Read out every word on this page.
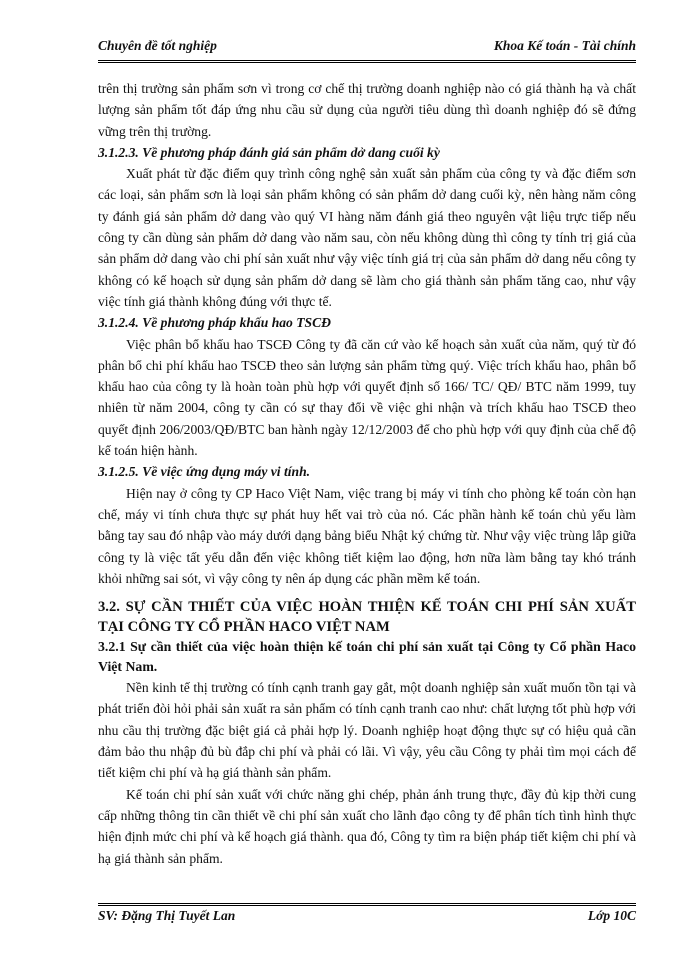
Chuyên đề tốt nghiệp	Khoa Kế toán - Tài chính

trên thị trường sản phẩm sơn vì trong cơ chế thị trường doanh nghiệp nào có giá thành hạ và chất lượng sản phẩm tốt đáp ứng nhu cầu sử dụng của người tiêu dùng thì doanh nghiệp đó sẽ đứng vững trên thị trường.

3.1.2.3. Về phương pháp đánh giá sản phẩm dở dang cuối kỳ

Xuất phát từ đặc điểm quy trình công nghệ sản xuất sản phẩm của công ty và đặc điểm sơn các loại, sản phẩm sơn là loại sản phẩm không có sản phẩm dở dang cuối kỳ, nên hàng năm công ty đánh giá sản phẩm dở dang vào quý VI hàng năm đánh giá theo nguyên vật liệu trực tiếp nếu công ty cần dùng sản phẩm dở dang vào năm sau, còn nếu không dùng thì công ty tính trị giá của sản phẩm dở dang vào chi phí sản xuất như vậy việc tính giá trị của sản phẩm dở dang nếu công ty không có kế hoạch sử dụng sản phẩm dở dang sẽ làm cho giá thành sản phẩm tăng cao, như vậy việc tính giá thành không đúng với thực tế.

3.1.2.4. Về phương pháp khấu hao TSCĐ

Việc phân bổ khấu hao TSCĐ Công ty đã căn cứ vào kế hoạch sản xuất của năm, quý từ đó phân bổ chi phí khấu hao TSCĐ theo sản lượng sản phẩm từng quý. Việc trích khấu hao, phân bổ khấu hao của công ty là hoàn toàn phù hợp với quyết định số 166/ TC/ QĐ/ BTC năm 1999, tuy nhiên từ năm 2004, công ty cần có sự thay đổi về việc ghi nhận và trích khấu hao TSCĐ theo quyết định 206/2003/QĐ/BTC ban hành ngày 12/12/2003 để cho phù hợp với quy định của chế độ kế toán hiện hành.

3.1.2.5. Về việc ứng dụng máy vi tính.

Hiện nay ở công ty CP Haco Việt Nam, việc trang bị máy vi tính cho phòng kế toán còn hạn chế, máy vi tính chưa thực sự phát huy hết vai trò của nó. Các phần hành kế toán chủ yếu làm bằng tay sau đó nhập vào máy dưới dạng bảng biểu Nhật ký chứng từ. Như vậy việc trùng lắp giữa công ty là việc tất yếu dẫn đến việc không tiết kiệm lao động, hơn nữa làm bằng tay khó tránh khỏi những sai sót, vì vậy công ty nên áp dụng các phần mềm kế toán.

3.2. SỰ CẦN THIẾT CỦA VIỆC HOÀN THIỆN KẾ TOÁN CHI PHÍ SẢN XUẤT TẠI CÔNG TY CỔ PHẦN HACO VIỆT NAM

3.2.1 Sự cần thiết của việc hoàn thiện kế toán chi phí sản xuất tại Công ty Cổ phần Haco Việt Nam.

Nền kinh tế thị trường có tính cạnh tranh gay gắt, một doanh nghiệp sản xuất muốn tồn tại và phát triển đòi hỏi phải sản xuất ra sản phẩm có tính cạnh tranh cao như: chất lượng tốt phù hợp với nhu cầu thị trường đặc biệt giá cả phải hợp lý. Doanh nghiệp hoạt động thực sự có hiệu quả cần đảm bảo thu nhập đủ bù đắp chi phí và phải có lãi. Vì vậy, yêu cầu Công ty phải tìm mọi cách để tiết kiệm chi phí và hạ giá thành sản phẩm.

Kế toán chi phí sản xuất với chức năng ghi chép, phản ánh trung thực, đầy đủ kịp thời cung cấp những thông tin cần thiết về chi phí sản xuất cho lãnh đạo công ty để phân tích tình hình thực hiện định mức chi phí và kế hoạch giá thành. qua đó, Công ty tìm ra biện pháp tiết kiệm chi phí và hạ giá thành sản phẩm.

SV: Đặng Thị Tuyết Lan	Lớp 10C
